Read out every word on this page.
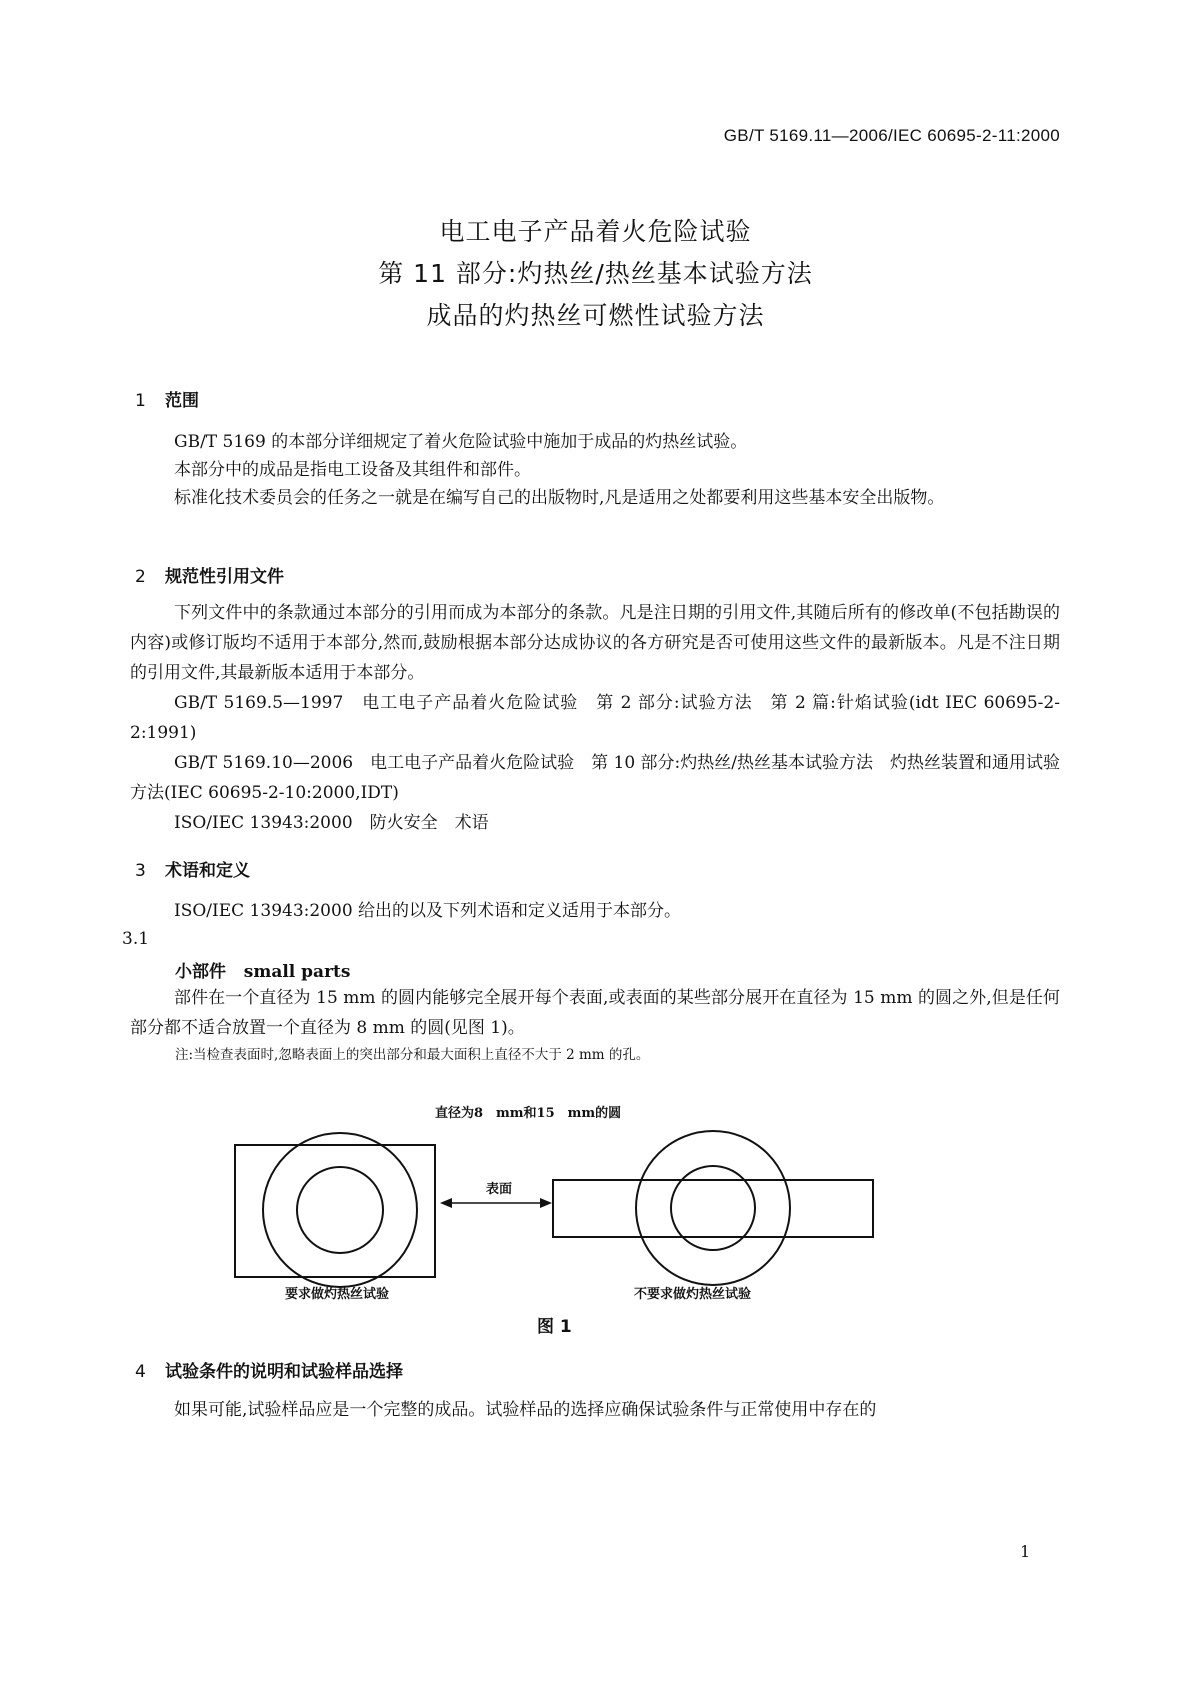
GB/T 5169.11—2006/IEC 60695-2-11:2000
电工电子产品着火危险试验
第 11 部分:灼热丝/热丝基本试验方法
成品的灼热丝可燃性试验方法
1 范围
GB/T 5169 的本部分详细规定了着火危险试验中施加于成品的灼热丝试验。
本部分中的成品是指电工设备及其组件和部件。
标准化技术委员会的任务之一就是在编写自己的出版物时,凡是适用之处都要利用这些基本安全出版物。
2 规范性引用文件
下列文件中的条款通过本部分的引用而成为本部分的条款。凡是注日期的引用文件,其随后所有的修改单(不包括勘误的内容)或修订版均不适用于本部分,然而,鼓励根据本部分达成协议的各方研究是否可使用这些文件的最新版本。凡是不注日期的引用文件,其最新版本适用于本部分。
GB/T 5169.5—1997　电工电子产品着火危险试验　第 2 部分:试验方法　第 2 篇:针焰试验(idt IEC 60695-2-2:1991)
GB/T 5169.10—2006　电工电子产品着火危险试验　第 10 部分:灼热丝/热丝基本试验方法　灼热丝装置和通用试验方法(IEC 60695-2-10:2000,IDT)
ISO/IEC 13943:2000　防火安全　术语
3 术语和定义
ISO/IEC 13943:2000 给出的以及下列术语和定义适用于本部分。
3.1
小部件 small parts
部件在一个直径为 15 mm 的圆内能够完全展开每个表面,或表面的某些部分展开在直径为 15 mm 的圆之外,但是任何部分都不适合放置一个直径为 8 mm 的圆(见图 1)。
注:当检查表面时,忽略表面上的突出部分和最大面积上直径不大于 2 mm 的孔。
直径为8　mm和15　mm的圆
表面
要求做灼热丝试验	不要求做灼热丝试验
图 1
4 试验条件的说明和试验样品选择
如果可能,试验样品应是一个完整的成品。试验样品的选择应确保试验条件与正常使用中存在的
1
